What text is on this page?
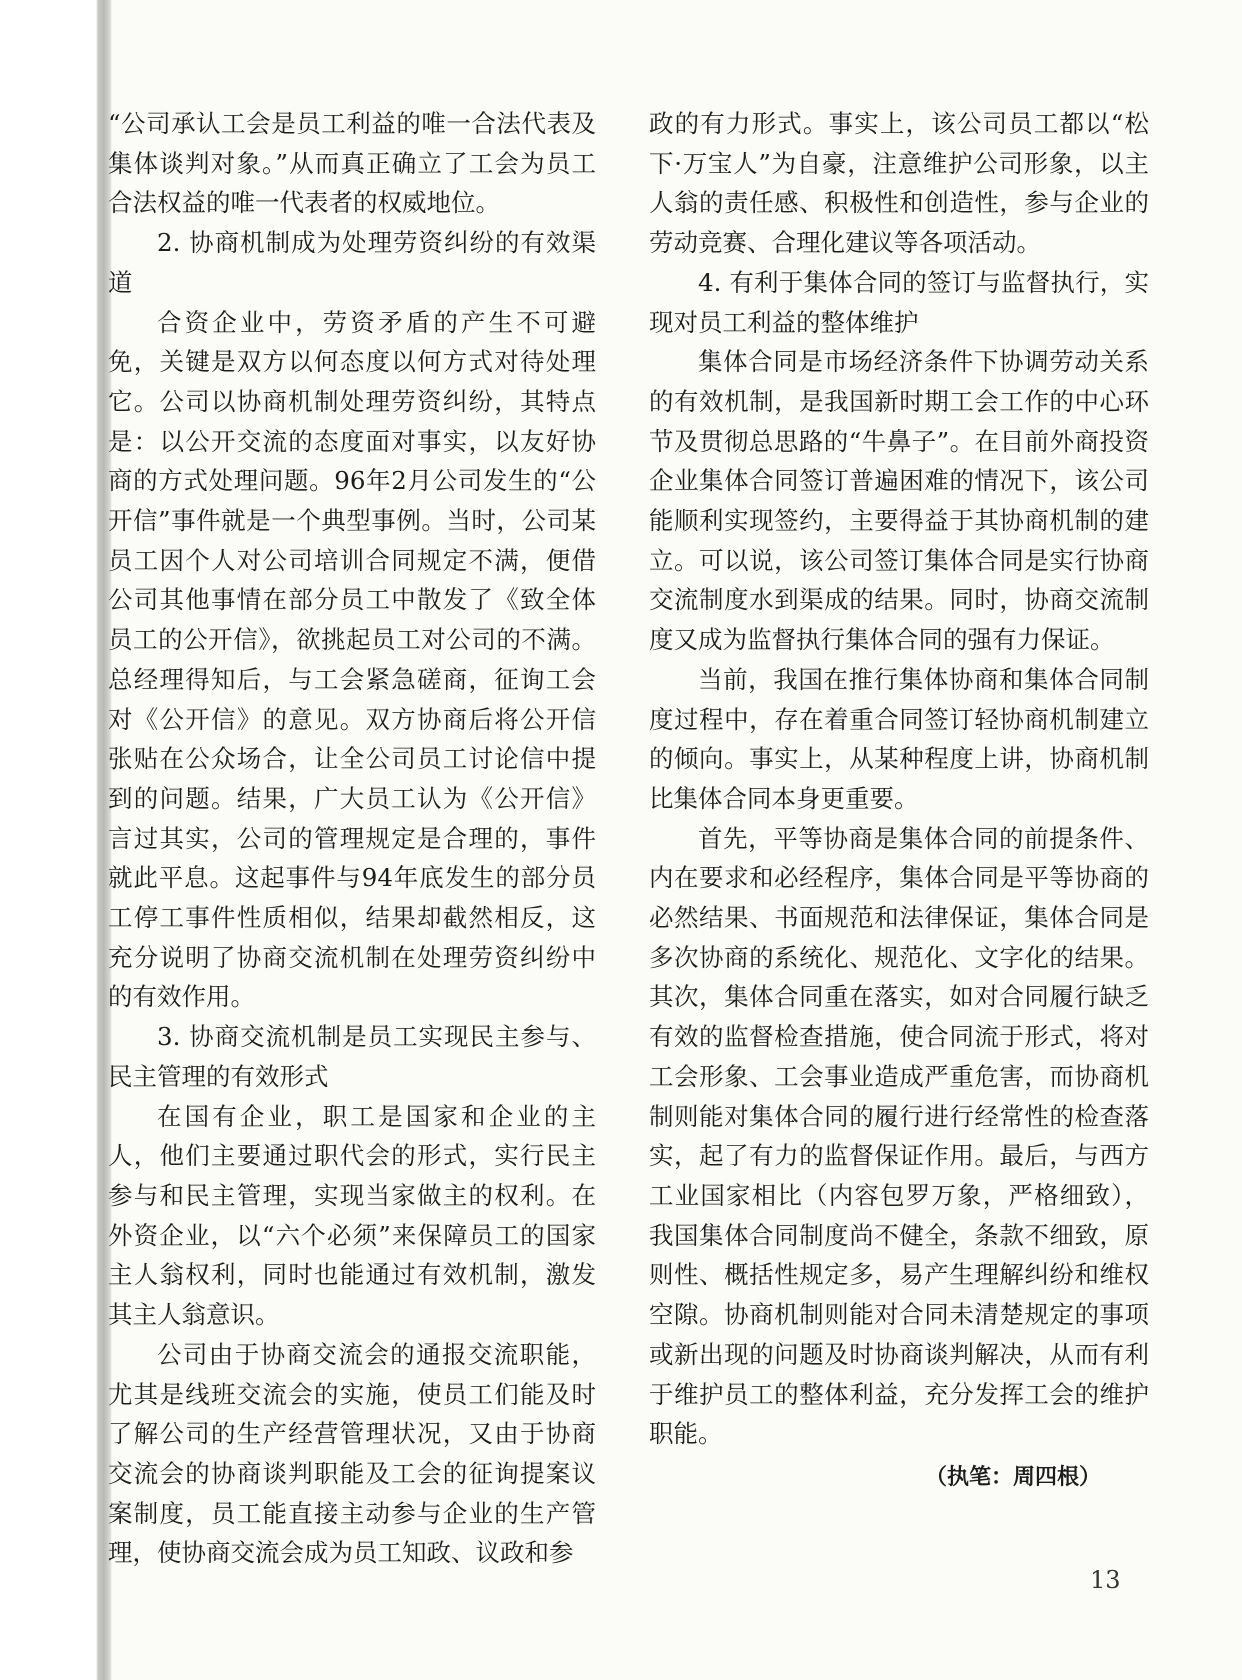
“公司承认工会是员工利益的唯一合法代表及集体谈判对象。”从而真正确立了工会为员工合法权益的唯一代表者的权威地位。

2. 协商机制成为处理劳资纠纷的有效渠道

合资企业中，劳资矛盾的产生不可避免，关键是双方以何态度以何方式对待处理它。公司以协商机制处理劳资纠纷，其特点是：以公开交流的态度面对事实，以友好协商的方式处理问题。96年2月公司发生的“公开信”事件就是一个典型事例。当时，公司某员工因个人对公司培训合同规定不满，便借公司其他事情在部分员工中散发了《致全体员工的公开信》，欲挑起员工对公司的不满。总经理得知后，与工会紧急磋商，征询工会对《公开信》的意见。双方协商后将公开信张贴在公众场合，让全公司员工讨论信中提到的问题。结果，广大员工认为《公开信》言过其实，公司的管理规定是合理的，事件就此平息。这起事件与94年底发生的部分员工停工事件性质相似，结果却截然相反，这充分说明了协商交流机制在处理劳资纠纷中的有效作用。

3. 协商交流机制是员工实现民主参与、民主管理的有效形式

在国有企业，职工是国家和企业的主人，他们主要通过职代会的形式，实行民主参与和民主管理，实现当家做主的权利。在外资企业，以“六个必须”来保障员工的国家主人翁权利，同时也能通过有效机制，激发其主人翁意识。

公司由于协商交流会的通报交流职能，尤其是线班交流会的实施，使员工们能及时了解公司的生产经营管理状况，又由于协商交流会的协商谈判职能及工会的征询提案议案制度，员工能直接主动参与企业的生产管理，使协商交流会成为员工知政、议政和参

政的有力形式。事实上，该公司员工都以“松下·万宝人”为自豪，注意维护公司形象，以主人翁的责任感、积极性和创造性，参与企业的劳动竞赛、合理化建议等各项活动。

4. 有利于集体合同的签订与监督执行，实现对员工利益的整体维护

集体合同是市场经济条件下协调劳动关系的有效机制，是我国新时期工会工作的中心环节及贯彻总思路的“牛鼻子”。在目前外商投资企业集体合同签订普遍困难的情况下，该公司能顺利实现签约，主要得益于其协商机制的建立。可以说，该公司签订集体合同是实行协商交流制度水到渠成的结果。同时，协商交流制度又成为监督执行集体合同的强有力保证。

当前，我国在推行集体协商和集体合同制度过程中，存在着重合同签订轻协商机制建立的倾向。事实上，从某种程度上讲，协商机制比集体合同本身更重要。

首先，平等协商是集体合同的前提条件、内在要求和必经程序，集体合同是平等协商的必然结果、书面规范和法律保证，集体合同是多次协商的系统化、规范化、文字化的结果。其次，集体合同重在落实，如对合同履行缺乏有效的监督检查措施，使合同流于形式，将对工会形象、工会事业造成严重危害，而协商机制则能对集体合同的履行进行经常性的检查落实，起了有力的监督保证作用。最后，与西方工业国家相比（内容包罗万象，严格细致），我国集体合同制度尚不健全，条款不细致，原则性、概括性规定多，易产生理解纠纷和维权空隙。协商机制则能对合同未清楚规定的事项或新出现的问题及时协商谈判解决，从而有利于维护员工的整体利益，充分发挥工会的维护职能。

（执笔：周四根）

13
